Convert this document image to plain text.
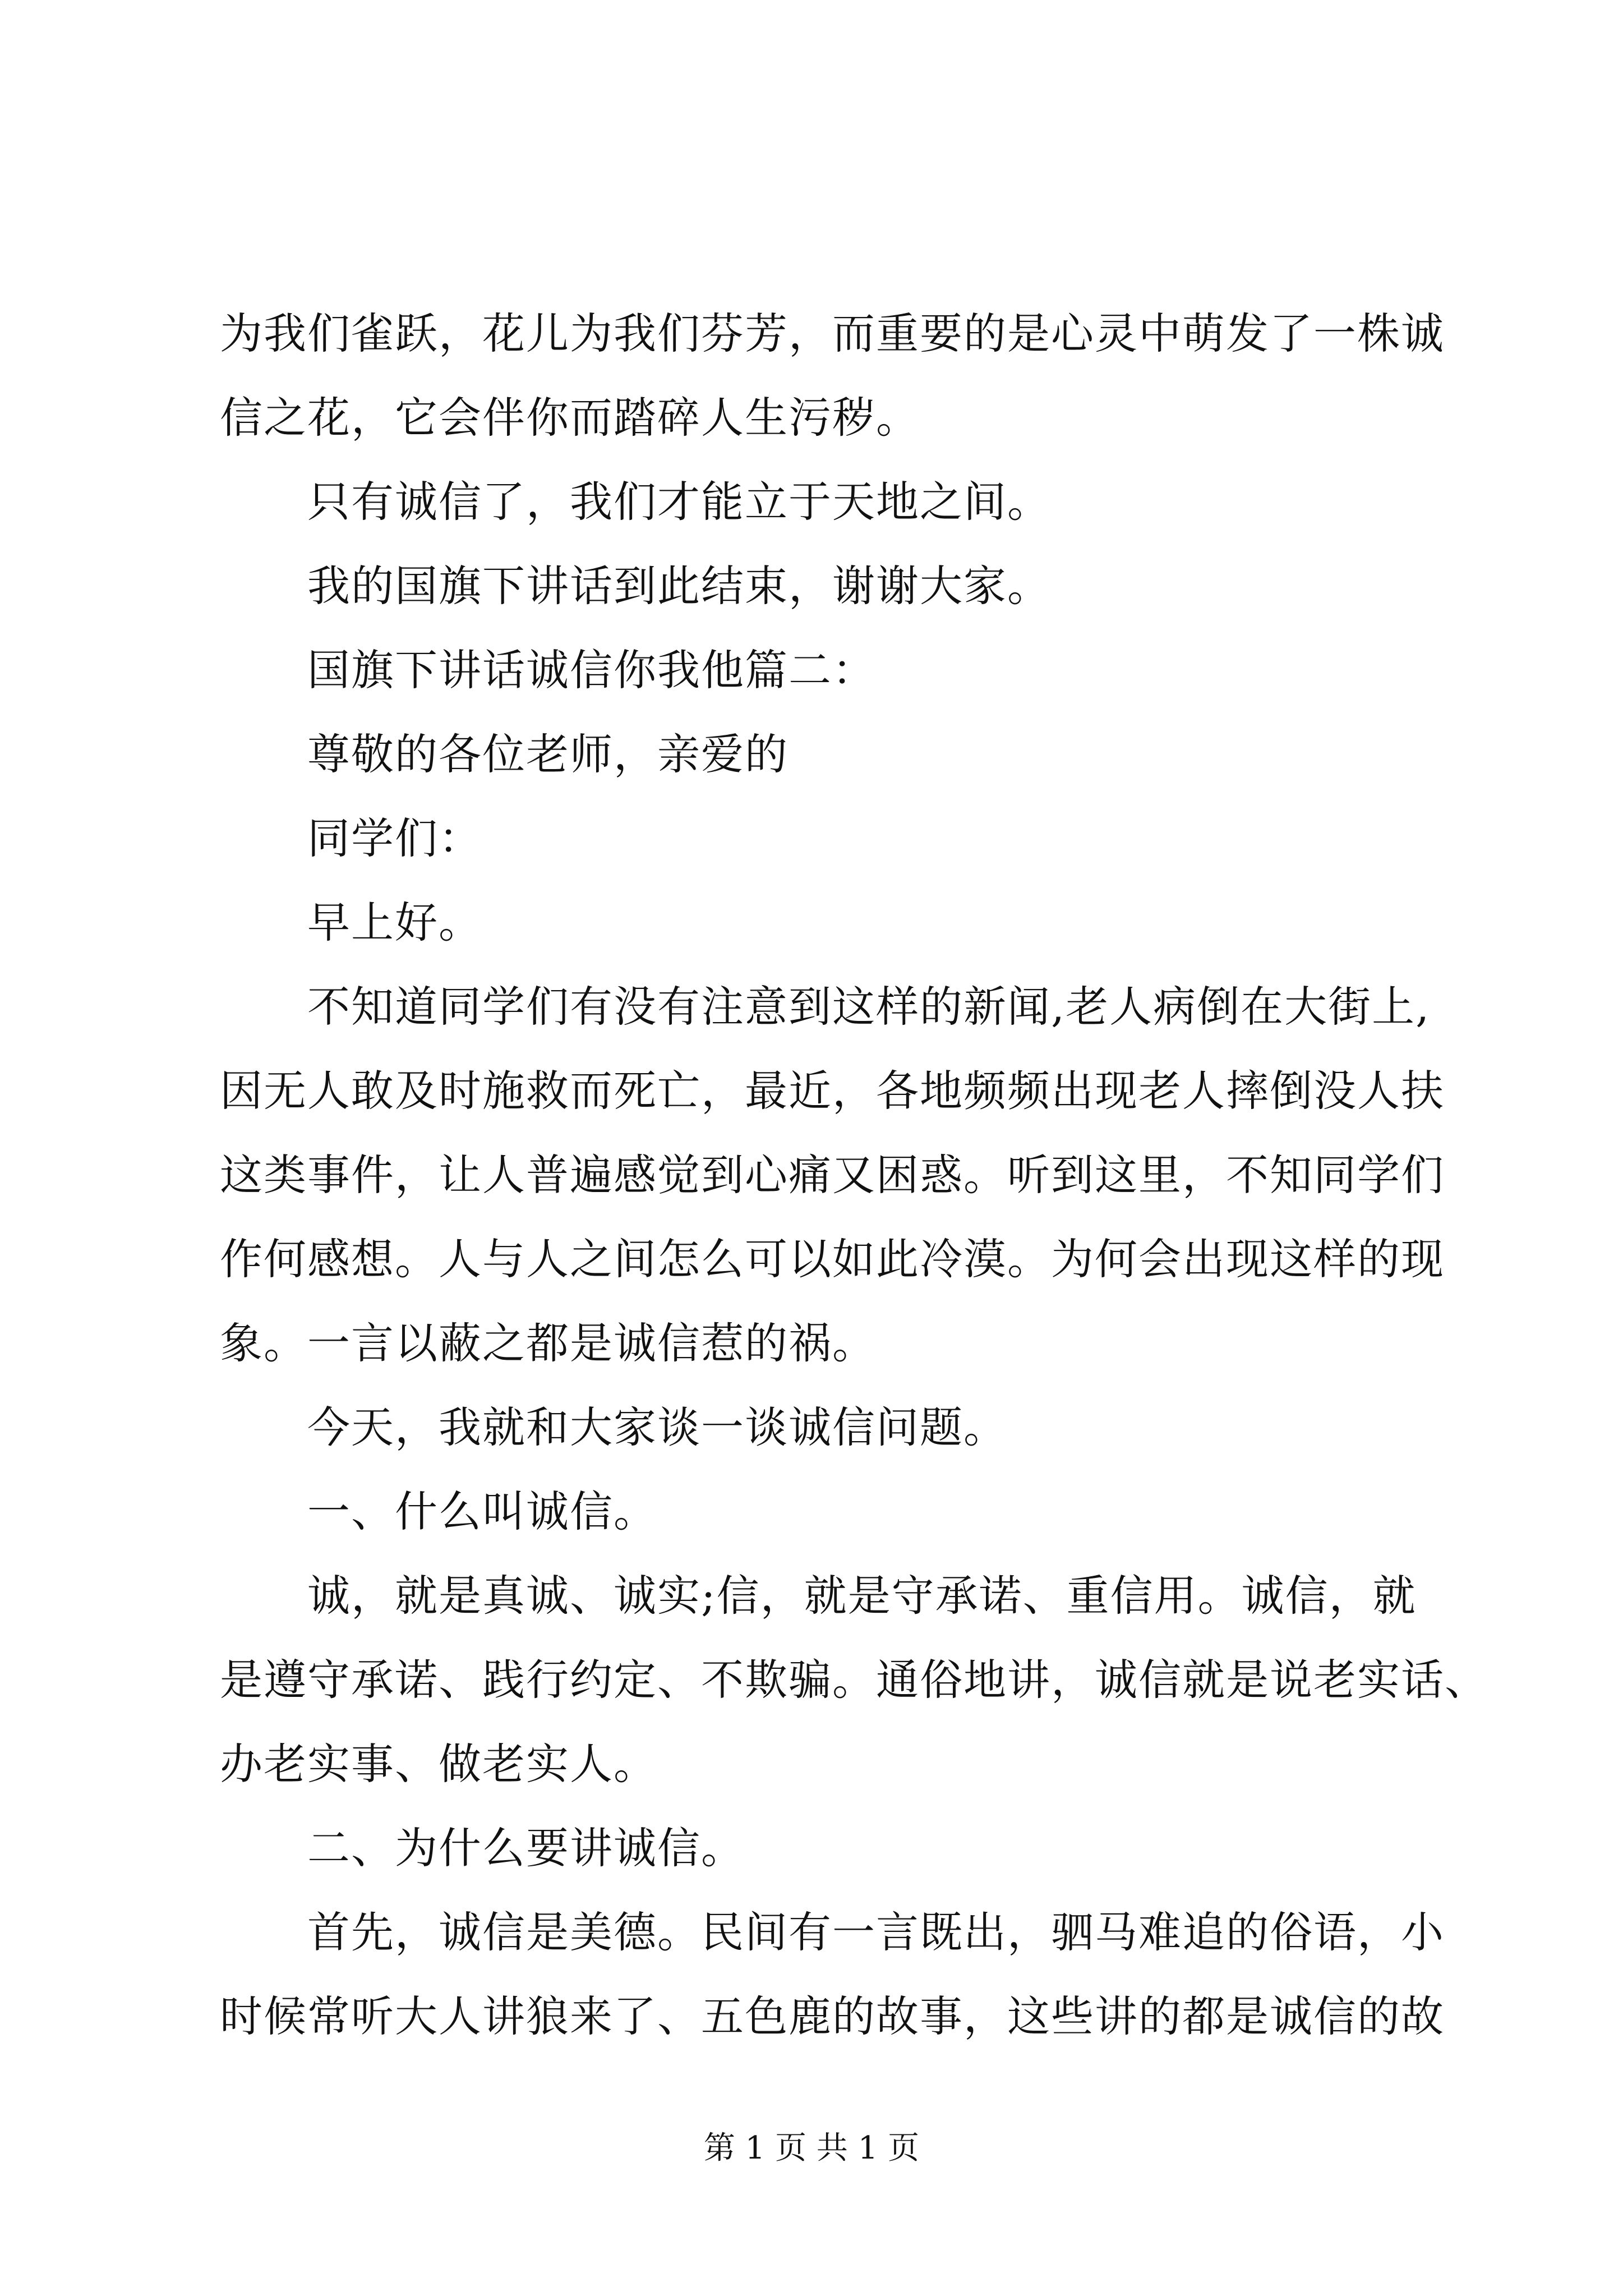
为我们雀跃，花儿为我们芬芳，而重要的是心灵中萌发了一株诚
信之花，它会伴你而踏碎人生污秽。
只有诚信了，我们才能立于天地之间。
我的国旗下讲话到此结束，谢谢大家。
国旗下讲话诚信你我他篇二：
尊敬的各位老师，亲爱的
同学们：
早上好。
不知道同学们有没有注意到这样的新闻,老人病倒在大街上,
因无人敢及时施救而死亡，最近，各地频频出现老人摔倒没人扶
这类事件，让人普遍感觉到心痛又困惑。听到这里，不知同学们
作何感想。人与人之间怎么可以如此冷漠。为何会出现这样的现
象。一言以蔽之都是诚信惹的祸。
今天，我就和大家谈一谈诚信问题。
一、什么叫诚信。
诚，就是真诚、诚实;信，就是守承诺、重信用。诚信，就
是遵守承诺、践行约定、不欺骗。通俗地讲，诚信就是说老实话、
办老实事、做老实人。
二、为什么要讲诚信。
首先，诚信是美德。民间有一言既出，驷马难追的俗语，小
时候常听大人讲狼来了、五色鹿的故事，这些讲的都是诚信的故
第 1 页 共 1 页
